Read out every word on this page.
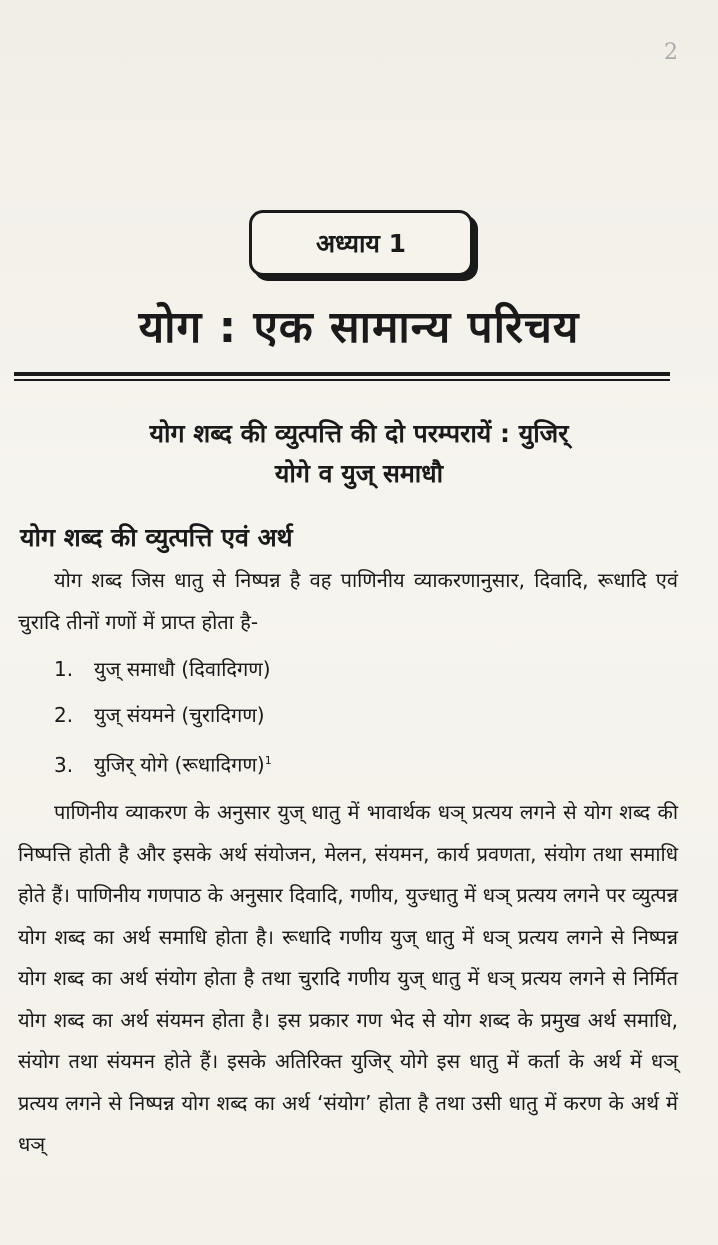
2
अध्याय 1
योग : एक सामान्य परिचय
योग शब्द की व्युत्पत्ति की दो परम्परायें : युजिर्
योगे व युज् समाधौ
योग शब्द की व्युत्पत्ति एवं अर्थ
योग शब्द जिस धातु से निष्पन्न है वह पाणिनीय व्याकरणानुसार, दिवादि, रूधादि एवं चुरादि तीनों गणों में प्राप्त होता है-
1. युज् समाधौ (दिवादिगण)
2. युज् संयमने (चुरादिगण)
3. युजिर् योगे (रूधादिगण)$^1$
पाणिनीय व्याकरण के अनुसार युज् धातु में भावार्थक धञ् प्रत्यय लगने से योग शब्द की निष्पत्ति होती है और इसके अर्थ संयोजन, मेलन, संयमन, कार्य प्रवणता, संयोग तथा समाधि होते हैं। पाणिनीय गणपाठ के अनुसार दिवादि, गणीय, युज्धातु में धञ् प्रत्यय लगने पर व्युत्पन्न योग शब्द का अर्थ समाधि होता है। रूधादि गणीय युज् धातु में धञ् प्रत्यय लगने से निष्पन्न योग शब्द का अर्थ संयोग होता है तथा चुरादि गणीय युज् धातु में धञ् प्रत्यय लगने से निर्मित योग शब्द का अर्थ संयमन होता है। इस प्रकार गण भेद से योग शब्द के प्रमुख अर्थ समाधि, संयोग तथा संयमन होते हैं। इसके अतिरिक्त युजिर् योगे इस धातु में कर्ता के अर्थ में धञ् प्रत्यय लगने से निष्पन्न योग शब्द का अर्थ ‘संयोग’ होता है तथा उसी धातु में करण के अर्थ में धञ्
